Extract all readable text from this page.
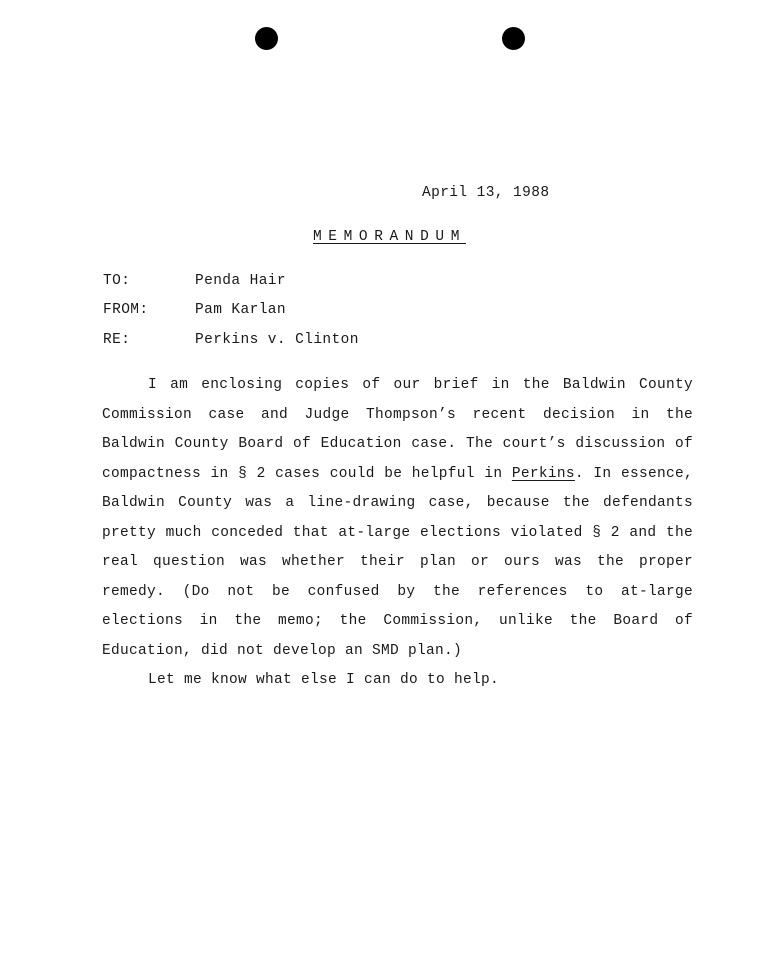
April 13, 1988
MEMORANDUM
TO:	Penda Hair
FROM:	Pam Karlan
RE:	Perkins v. Clinton

I am enclosing copies of our brief in the Baldwin County Commission case and Judge Thompson’s recent decision in the Baldwin County Board of Education case. The court’s discussion of compactness in § 2 cases could be helpful in Perkins. In essence, Baldwin County was a line-drawing case, because the defendants pretty much conceded that at-large elections violated § 2 and the real question was whether their plan or ours was the proper remedy. (Do not be confused by the references to at-large elections in the memo; the Commission, unlike the Board of Education, did not develop an SMD plan.)

Let me know what else I can do to help.
